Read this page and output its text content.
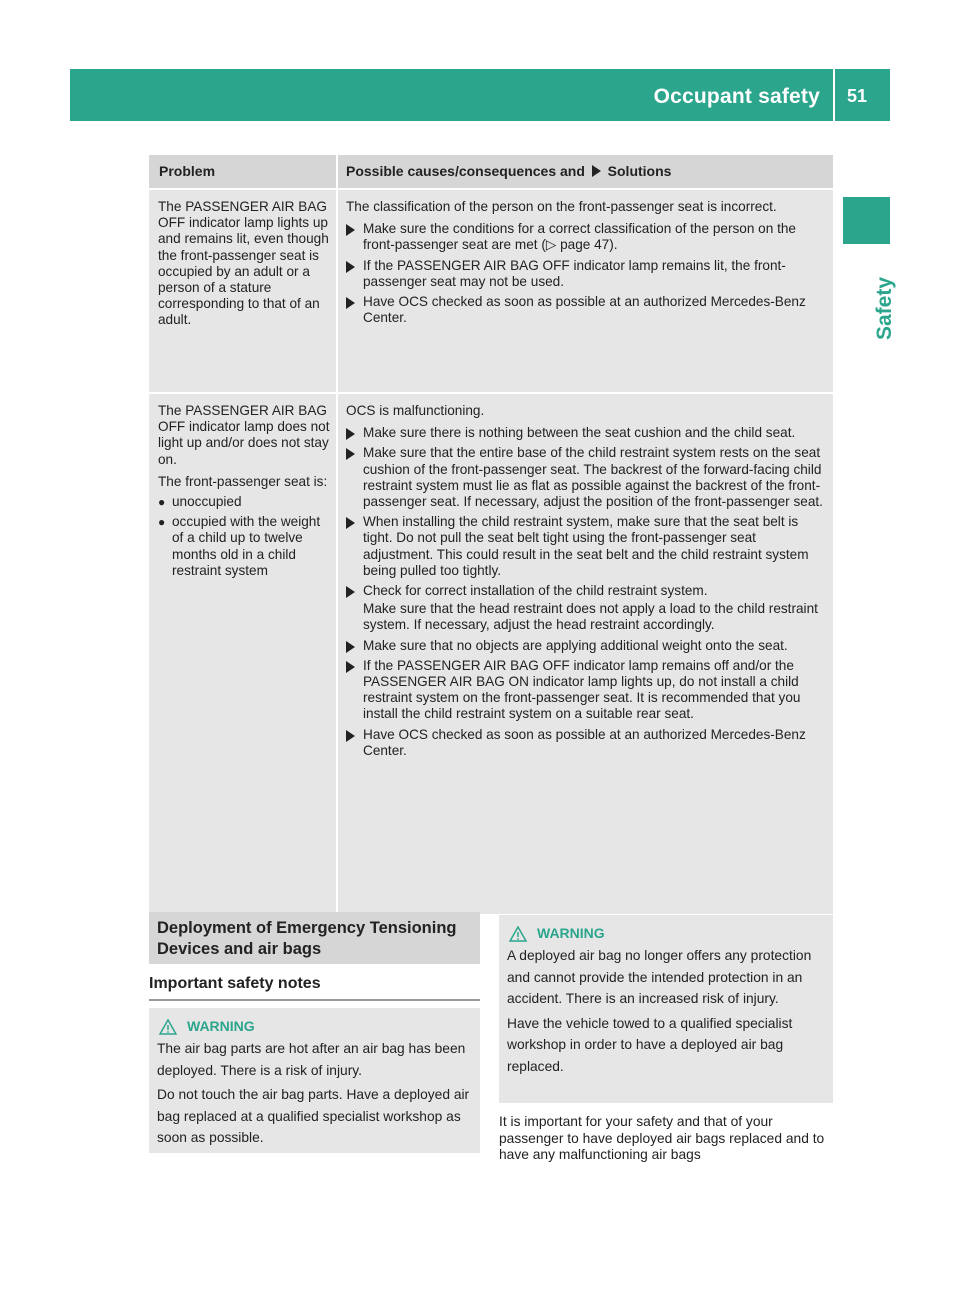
Occupant safety 51
Safety
Problem	Possible causes/consequences and Solutions

The PASSENGER AIR BAG OFF indicator lamp lights up and remains lit, even though the front-passenger seat is occupied by an adult or a person of a stature corresponding to that of an adult.

The classification of the person on the front-passenger seat is incorrect.

Make sure the conditions for a correct classification of the person on the front-passenger seat are met (▷ page 47).
If the PASSENGER AIR BAG OFF indicator lamp remains lit, the front-passenger seat may not be used.
Have OCS checked as soon as possible at an authorized Mercedes-Benz Center.

The PASSENGER AIR BAG OFF indicator lamp does not light up and/or does not stay on.

The front-passenger seat is:

● unoccupied
● occupied with the weight of a child up to twelve months old in a child restraint system

OCS is malfunctioning.

Make sure there is nothing between the seat cushion and the child seat.
Make sure that the entire base of the child restraint system rests on the seat cushion of the front-passenger seat. The backrest of the forward-facing child restraint system must lie as flat as possible against the backrest of the front-passenger seat. If necessary, adjust the position of the front-passenger seat.
When installing the child restraint system, make sure that the seat belt is tight. Do not pull the seat belt tight using the front-passenger seat adjustment. This could result in the seat belt and the child restraint system being pulled too tightly.
Check for correct installation of the child restraint system.

Make sure that the head restraint does not apply a load to the child restraint system. If necessary, adjust the head restraint accordingly.

Make sure that no objects are applying additional weight onto the seat.
If the PASSENGER AIR BAG OFF indicator lamp remains off and/or the PASSENGER AIR BAG ON indicator lamp lights up, do not install a child restraint system on the front-passenger seat. It is recommended that you install the child restraint system on a suitable rear seat.
Have OCS checked as soon as possible at an authorized Mercedes-Benz Center.
Deployment of Emergency Tensioning Devices and air bags
Important safety notes
WARNING

The air bag parts are hot after an air bag has been deployed. There is a risk of injury.

Do not touch the air bag parts. Have a deployed air bag replaced at a qualified specialist workshop as soon as possible.

WARNING

A deployed air bag no longer offers any protection and cannot provide the intended protection in an accident. There is an increased risk of injury.

Have the vehicle towed to a qualified specialist workshop in order to have a deployed air bag replaced.

It is important for your safety and that of your passenger to have deployed air bags replaced and to have any malfunctioning air bags
